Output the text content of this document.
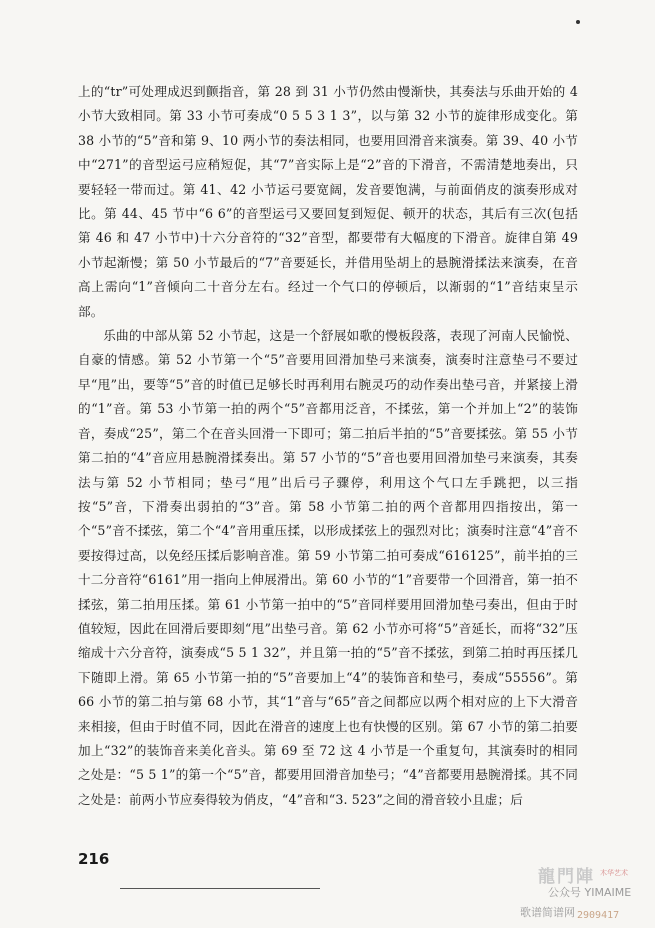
上的“tr”可处理成迟到颤指音，第 28 到 31 小节仍然由慢渐快，其奏法与乐曲开始的 4 小节大致相同。第 33 小节可奏成“0 5 5 3 1 3”，以与第 32 小节的旋律形成变化。第 38 小节的“5”音和第 9、10 两小节的奏法相同，也要用回滑音来演奏。第 39、40 小节中“271”的音型运弓应稍短促，其“7”音实际上是“2”音的下滑音，不需清楚地奏出，只要轻轻一带而过。第 41、42 小节运弓要宽阔，发音要饱满，与前面俏皮的演奏形成对比。第 44、45 节中“6 6”的音型运弓又要回复到短促、顿开的状态，其后有三次(包括第 46 和 47 小节中)十六分音符的“32”音型，都要带有大幅度的下滑音。旋律自第 49 小节起渐慢；第 50 小节最后的“7”音要延长，并借用坠胡上的悬腕滑揉法来演奏，在音高上需向“1”音倾向二十音分左右。经过一个气口的停顿后，以渐弱的“1”音结束呈示部。

乐曲的中部从第 52 小节起，这是一个舒展如歌的慢板段落，表现了河南人民愉悦、自豪的情感。第 52 小节第一个“5”音要用回滑加垫弓来演奏，演奏时注意垫弓不要过早“甩”出，要等“5”音的时值已足够长时再利用右腕灵巧的动作奏出垫弓音，并紧接上滑的“1”音。第 53 小节第一拍的两个“5”音都用泛音，不揉弦，第一个并加上“2”的装饰音，奏成“25”，第二个在音头回滑一下即可；第二拍后半拍的“5”音要揉弦。第 55 小节第二拍的“4”音应用悬腕滑揉奏出。第 57 小节的“5”音也要用回滑加垫弓来演奏，其奏法与第 52 小节相同；垫弓“甩”出后弓子骤停，利用这个气口左手跳把，以三指按“5”音，下滑奏出弱拍的“3”音。第 58 小节第二拍的两个音都用四指按出，第一个“5”音不揉弦，第二个“4”音用重压揉，以形成揉弦上的强烈对比；演奏时注意“4”音不要按得过高，以免经压揉后影响音准。第 59 小节第二拍可奏成“616125”，前半拍的三十二分音符“6161”用一指向上伸展滑出。第 60 小节的“1”音要带一个回滑音，第一拍不揉弦，第二拍用压揉。第 61 小节第一拍中的“5”音同样要用回滑加垫弓奏出，但由于时值较短，因此在回滑后要即刻“甩”出垫弓音。第 62 小节亦可将“5”音延长，而将“32”压缩成十六分音符，演奏成“5 5 1 32”，并且第一拍的“5”音不揉弦，到第二拍时再压揉几下随即上滑。第 65 小节第一拍的“5”音要加上“4”的装饰音和垫弓，奏成“55556”。第 66 小节的第二拍与第 68 小节，其“1”音与“65”音之间都应以两个相对应的上下大滑音来相接，但由于时值不同，因此在滑音的速度上也有快慢的区别。第 67 小节的第二拍要加上“32”的装饰音来美化音头。第 69 至 72 这 4 小节是一个重复句，其演奏时的相同之处是：“5 5 1”的第一个“5”音，都要用回滑音加垫弓；“4”音都要用悬腕滑揉。其不同之处是：前两小节应奏得较为俏皮，“4”音和“3. 523”之间的滑音较小且虚；后

216
龍門陣 木华艺术
公众号 YIMAIME
歌谱简谱网 2909417
